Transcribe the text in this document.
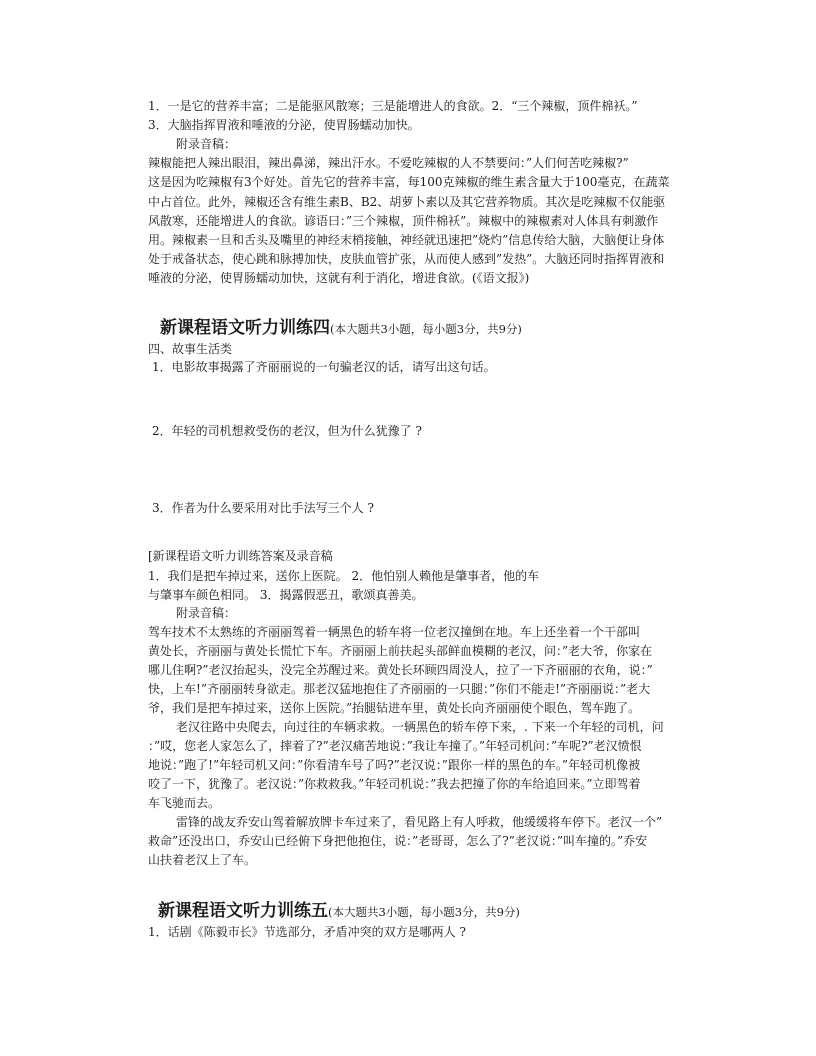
1．一是它的营养丰富；二是能驱风散寒；三是能增进人的食欲。2．“三个辣椒，顶件棉袄。”
3．大脑指挥胃液和唾液的分泌，使胃肠蠕动加快。
附录音稿：
辣椒能把人辣出眼泪，辣出鼻涕，辣出汗水。不爱吃辣椒的人不禁要问：”人们何苦吃辣椒?”
这是因为吃辣椒有3个好处。首先它的营养丰富，每100克辣椒的维生素含量大于100毫克，在蔬菜
中占首位。此外，辣椒还含有维生素B、B2、胡萝卜素以及其它营养物质。其次是吃辣椒不仅能驱
风散寒，还能增进人的食欲。谚语曰：”三个辣椒，顶件棉袄”。辣椒中的辣椒素对人体具有刺激作
用。辣椒素一旦和舌头及嘴里的神经末梢接触，神经就迅速把”烧灼”信息传给大脑，大脑便让身体
处于戒备状态，使心跳和脉搏加快，皮肤血管扩张，从而使人感到”发热”。大脑还同时指挥胃液和
唾液的分泌，使胃肠蠕动加快，这就有利于消化，增进食欲。(《语文报》)
新课程语文听力训练四(本大题共3小题，每小题3分，共9分)
四、故事生活类
1．电影故事揭露了齐丽丽说的一句骗老汉的话，请写出这句话。
2．年轻的司机想救受伤的老汉，但为什么犹豫了 ?
3．作者为什么要采用对比手法写三个人 ?
[新课程语文听力训练答案及录音稿
1．我们是把车掉过来，送你上医院。 2．他怕别人赖他是肇事者，他的车
与肇事车颜色相同。 3．揭露假恶丑，歌颂真善美。
附录音稿：
驾车技术不太熟练的齐丽丽驾着一辆黑色的轿车将一位老汉撞倒在地。车上还坐着一个干部叫
黄处长，齐丽丽与黄处长慌忙下车。齐丽丽上前扶起头部鲜血模糊的老汉，问：”老大爷，你家在
哪儿住啊?”老汉抬起头，没完全苏醒过来。黄处长环顾四周没人，拉了一下齐丽丽的衣角，说：”
快，上车!”齐丽丽转身欲走。那老汉猛地抱住了齐丽丽的一只腿：”你们不能走!”齐丽丽说：”老大
爷，我们是把车掉过来，送你上医院。”抬腿钻进车里，黄处长向齐丽丽使个眼色，驾车跑了。
老汉往路中央爬去，向过往的车辆求救。一辆黑色的轿车停下来，. 下来一个年轻的司机，问
：”哎，您老人家怎么了，摔着了?”老汉痛苦地说：”我让车撞了。”年轻司机问：”车呢?”老汉愤恨
地说：”跑了!”年轻司机又问：”你看清车号了吗?”老汉说：”跟你一样的黑色的车。”年轻司机像被
咬了一下，犹豫了。老汉说：”你救救我。”年轻司机说：”我去把撞了你的车给追回来。”立即驾着
车飞驰而去。
雷锋的战友乔安山驾着解放牌卡车过来了，看见路上有人呼救，他缓缓将车停下。老汉一个”
救命”还没出口，乔安山已经俯下身把他抱住，说：”老哥哥，怎么了?”老汉说：”叫车撞的。”乔安
山扶着老汉上了车。
新课程语文听力训练五(本大题共3小题，每小题3分，共9分)
1．话剧《陈毅市长》节选部分，矛盾冲突的双方是哪两人 ?
